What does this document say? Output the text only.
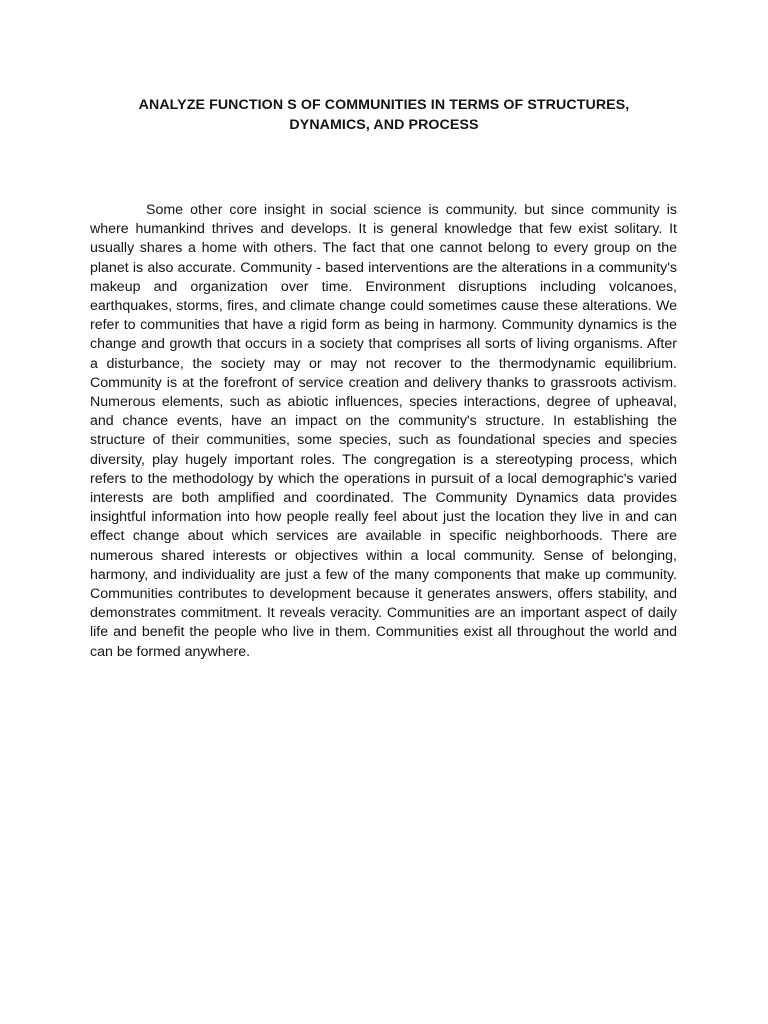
ANALYZE FUNCTION S OF COMMUNITIES IN TERMS OF STRUCTURES,
DYNAMICS, AND PROCESS

Some other core insight in social science is community. but since community is where humankind thrives and develops. It is general knowledge that few exist solitary. It usually shares a home with others. The fact that one cannot belong to every group on the planet is also accurate. Community - based interventions are the alterations in a community's makeup and organization over time. Environment disruptions including volcanoes, earthquakes, storms, fires, and climate change could sometimes cause these alterations. We refer to communities that have a rigid form as being in harmony. Community dynamics is the change and growth that occurs in a society that comprises all sorts of living organisms. After a disturbance, the society may or may not recover to the thermodynamic equilibrium. Community is at the forefront of service creation and delivery thanks to grassroots activism. Numerous elements, such as abiotic influences, species interactions, degree of upheaval, and chance events, have an impact on the community's structure. In establishing the structure of their communities, some species, such as foundational species and species diversity, play hugely important roles. The congregation is a stereotyping process, which refers to the methodology by which the operations in pursuit of a local demographic's varied interests are both amplified and coordinated. The Community Dynamics data provides insightful information into how people really feel about just the location they live in and can effect change about which services are available in specific neighborhoods. There are numerous shared interests or objectives within a local community. Sense of belonging, harmony, and individuality are just a few of the many components that make up community. Communities contributes to development because it generates answers, offers stability, and demonstrates commitment. It reveals veracity. Communities are an important aspect of daily life and benefit the people who live in them. Communities exist all throughout the world and can be formed anywhere.
